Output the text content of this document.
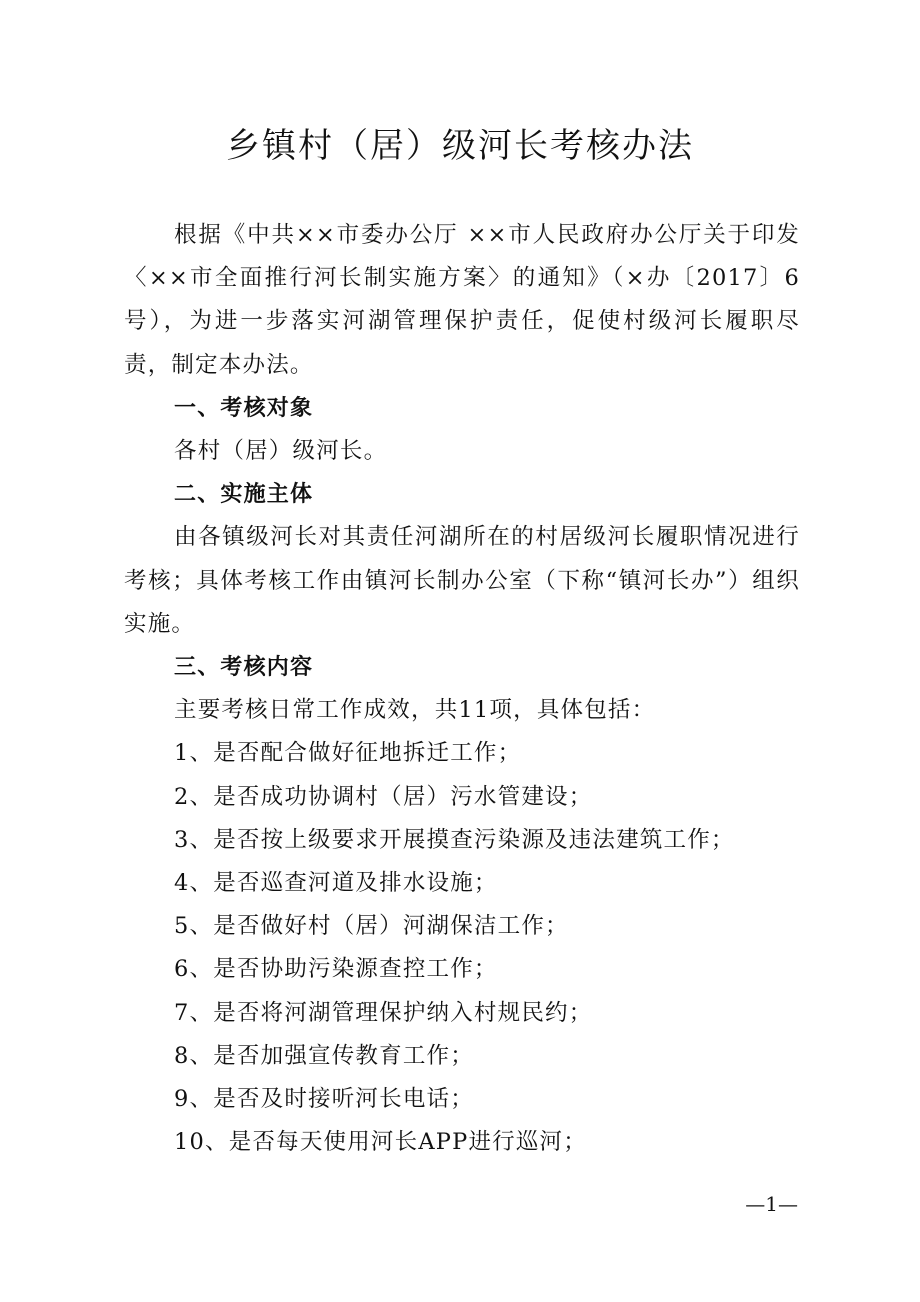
乡镇村（居）级河长考核办法

根据《中共××市委办公厅 ××市人民政府办公厅关于印发〈××市全面推行河长制实施方案〉的通知》（×办〔2017〕6号），为进一步落实河湖管理保护责任，促使村级河长履职尽责，制定本办法。

一、考核对象

各村（居）级河长。

二、实施主体

由各镇级河长对其责任河湖所在的村居级河长履职情况进行考核；具体考核工作由镇河长制办公室（下称“镇河长办”）组织实施。

三、考核内容

主要考核日常工作成效，共11项，具体包括：

1、是否配合做好征地拆迁工作；

2、是否成功协调村（居）污水管建设；

3、是否按上级要求开展摸查污染源及违法建筑工作；

4、是否巡查河道及排水设施；

5、是否做好村（居）河湖保洁工作；

6、是否协助污染源查控工作；

7、是否将河湖管理保护纳入村规民约；

8、是否加强宣传教育工作；

9、是否及时接听河长电话；

10、是否每天使用河长APP进行巡河；

—1—
